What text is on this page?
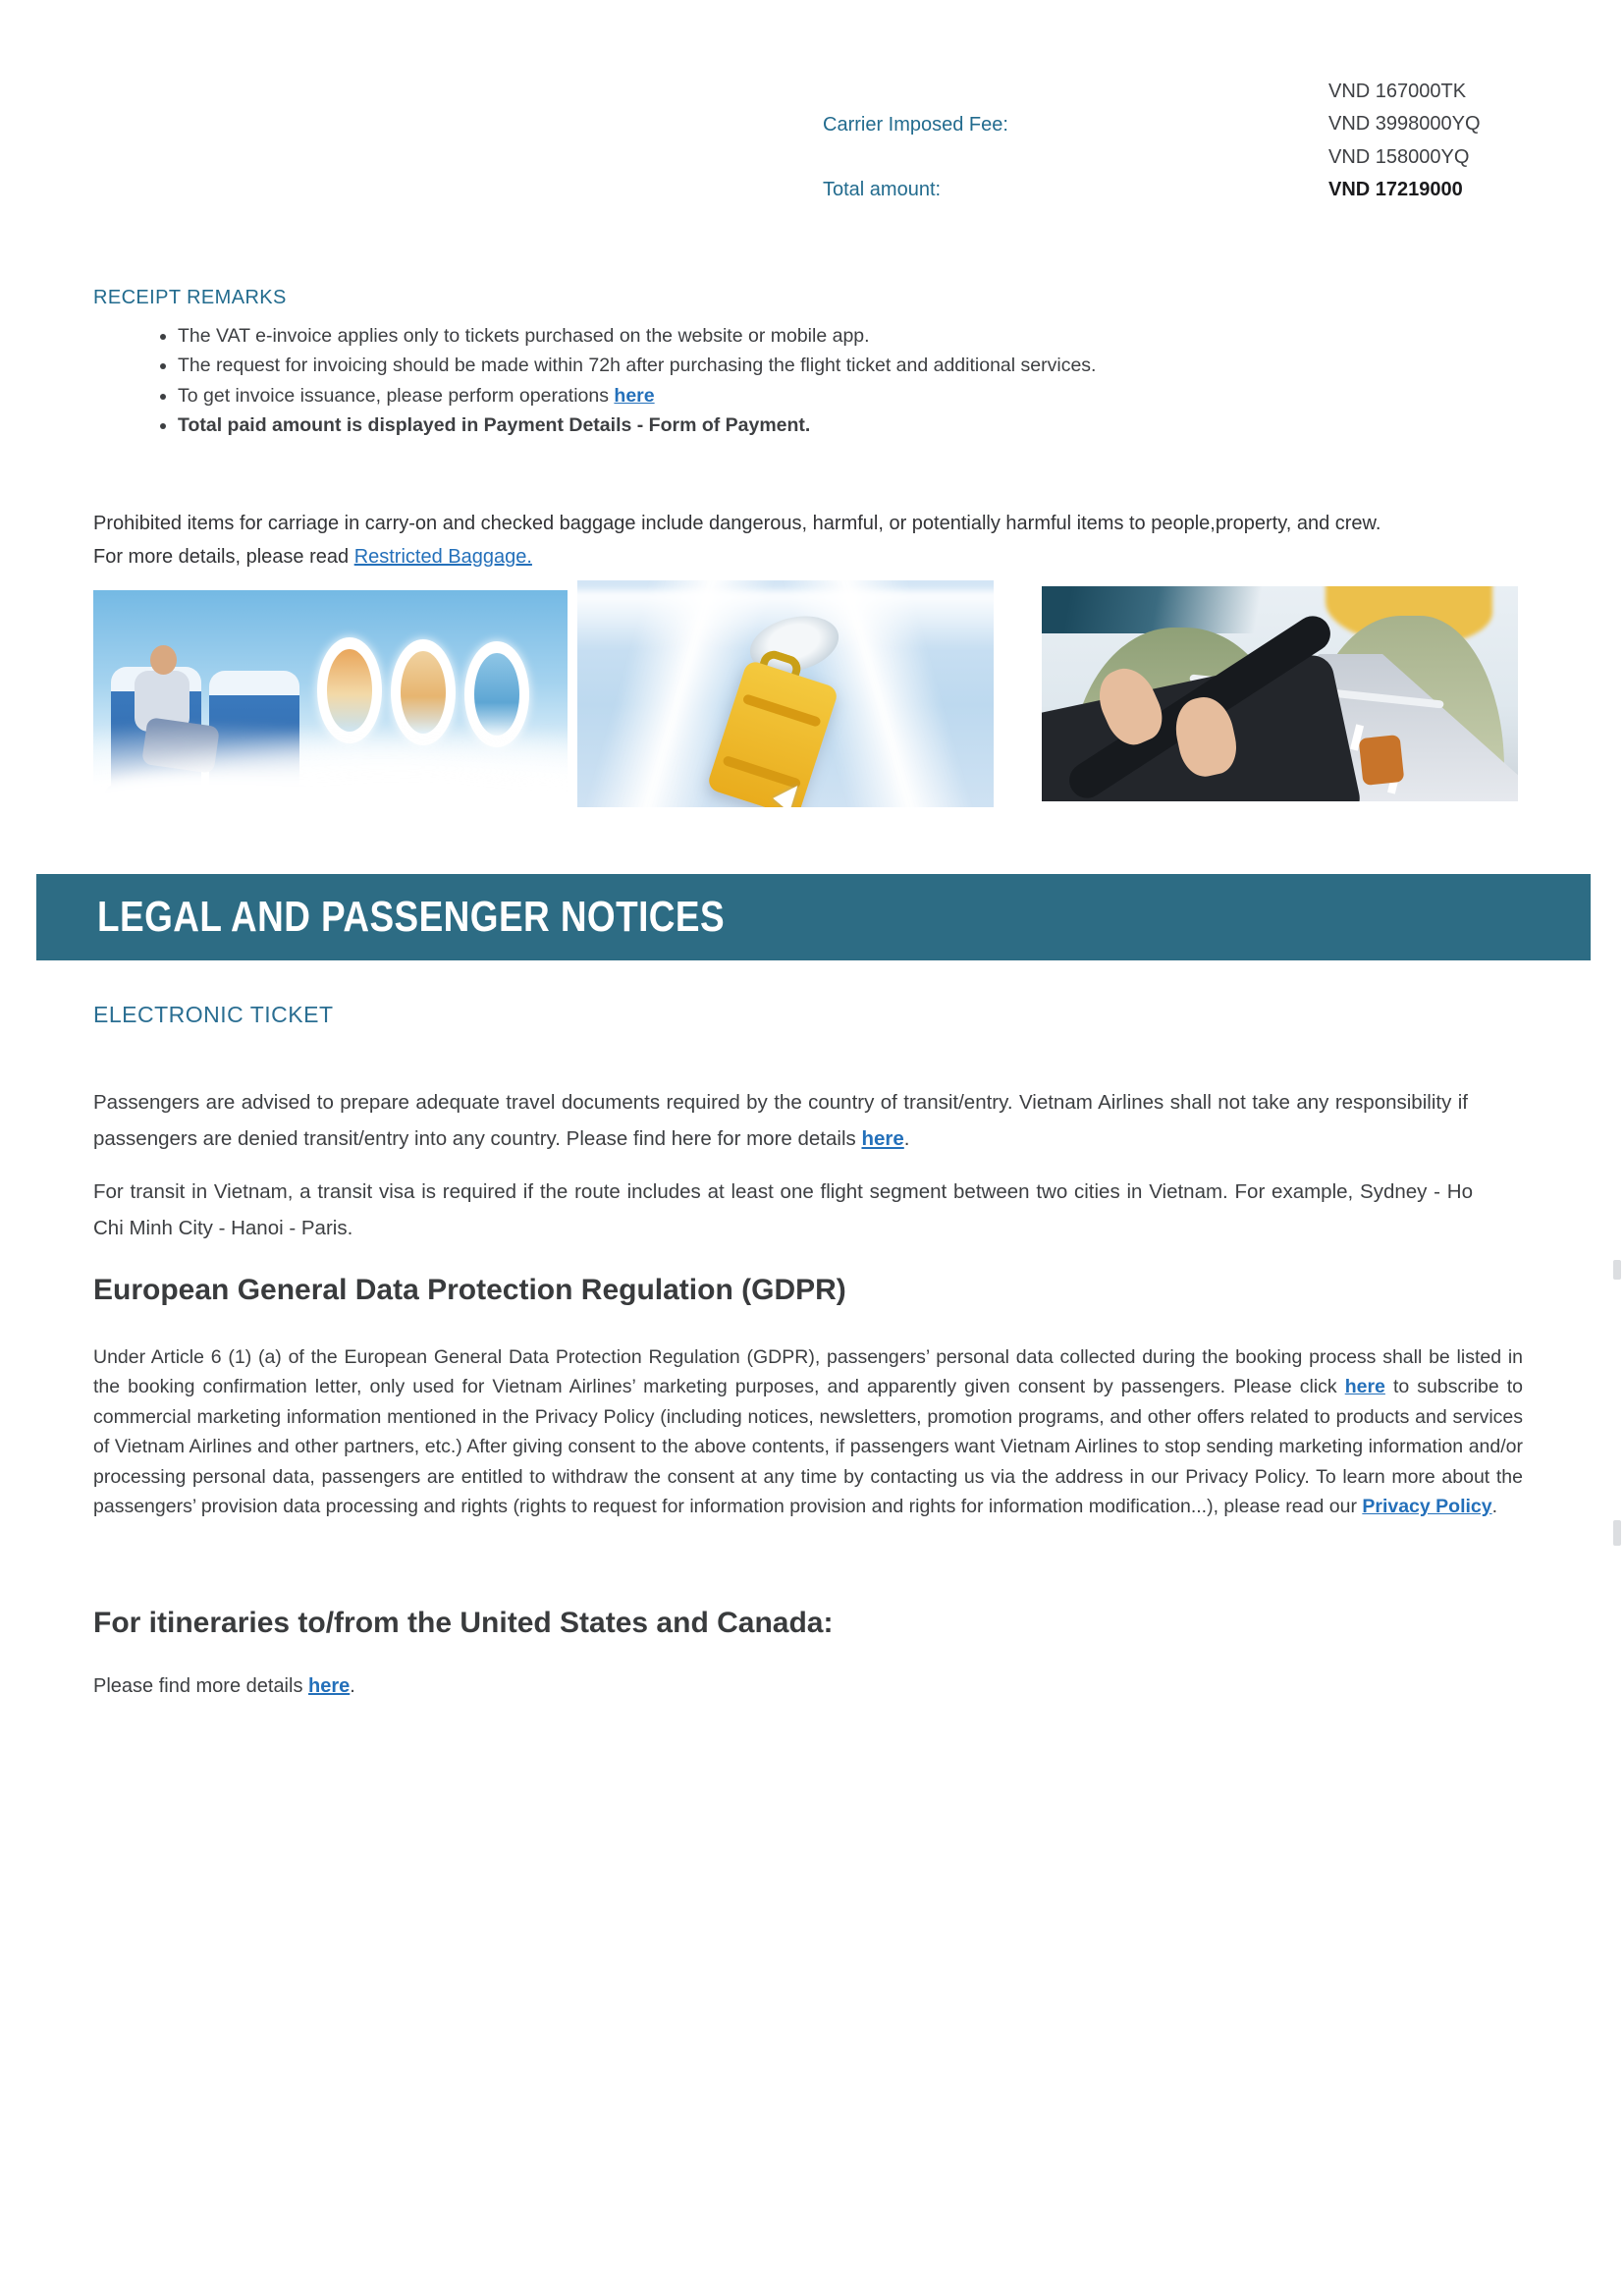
Carrier Imposed Fee:
Total amount:
VND 167000TK
VND 3998000YQ
VND 158000YQ
VND 17219000
RECEIPT REMARKS
• The VAT e-invoice applies only to tickets purchased on the website or mobile app.
• The request for invoicing should be made within 72h after purchasing the flight ticket and additional services.
• To get invoice issuance, please perform operations here
• Total paid amount is displayed in Payment Details - Form of Payment.
Prohibited items for carriage in carry-on and checked baggage include dangerous, harmful, or potentially harmful items to people,property, and crew. For more details, please read Restricted Baggage.
LEGAL AND PASSENGER NOTICES
ELECTRONIC TICKET
Passengers are advised to prepare adequate travel documents required by the country of transit/entry. Vietnam Airlines shall not take any responsibility if passengers are denied transit/entry into any country. Please find here for more details here.
For transit in Vietnam, a transit visa is required if the route includes at least one flight segment between two cities in Vietnam. For example, Sydney - Ho Chi Minh City - Hanoi - Paris.
European General Data Protection Regulation (GDPR)
Under Article 6 (1) (a) of the European General Data Protection Regulation (GDPR), passengers’ personal data collected during the booking process shall be listed in the booking confirmation letter, only used for Vietnam Airlines’ marketing purposes, and apparently given consent by passengers. Please click here to subscribe to commercial marketing information mentioned in the Privacy Policy (including notices, newsletters, promotion programs, and other offers related to products and services of Vietnam Airlines and other partners, etc.) After giving consent to the above contents, if passengers want Vietnam Airlines to stop sending marketing information and/or processing personal data, passengers are entitled to withdraw the consent at any time by contacting us via the address in our Privacy Policy. To learn more about the passengers’ provision data processing and rights (rights to request for information provision and rights for information modification...), please read our Privacy Policy.
For itineraries to/from the United States and Canada:
Please find more details here.
